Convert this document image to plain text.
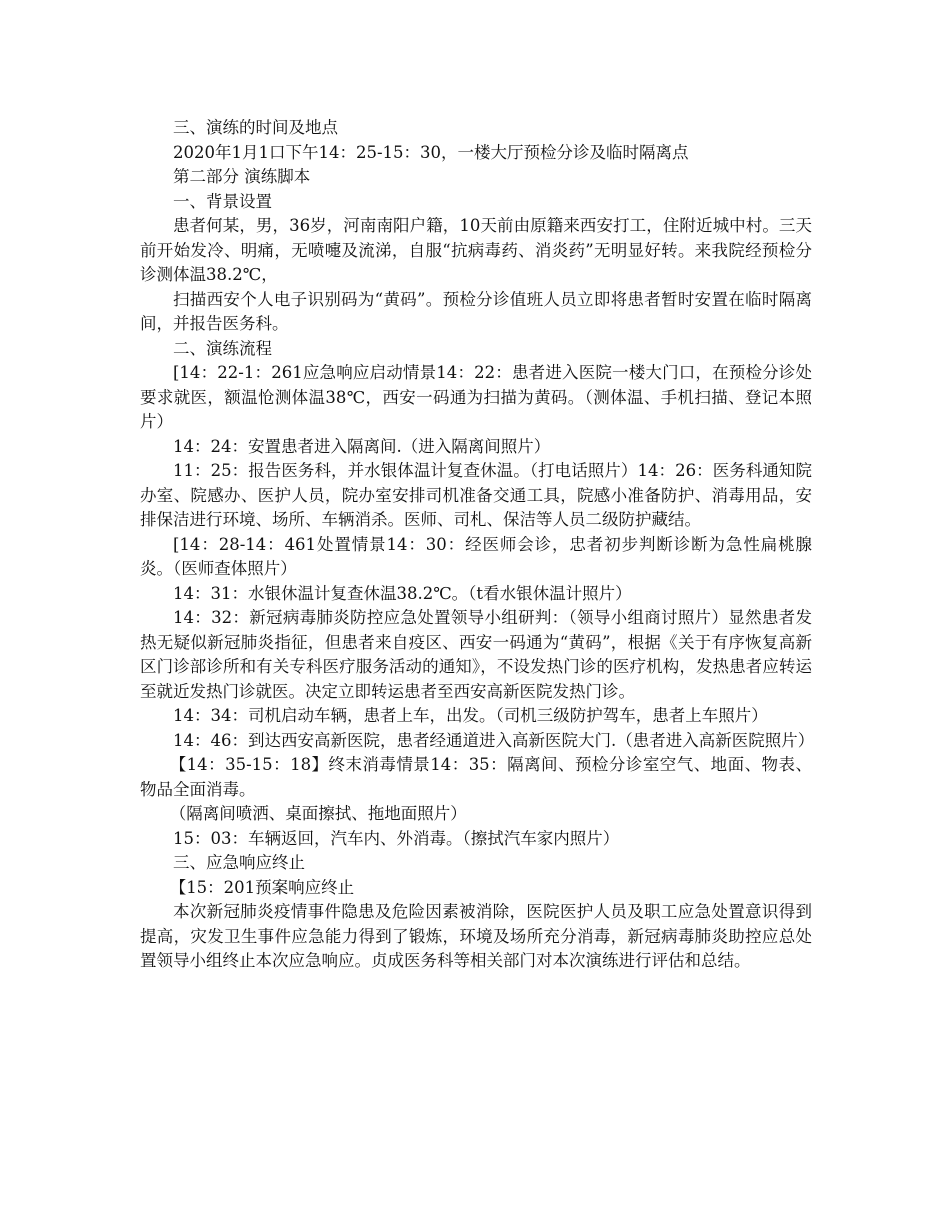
三、演练的时间及地点

2020年1月1口下午14：25-15：30，一楼大厅预检分诊及临时隔离点

第二部分 演练脚本

一、背景设置

患者何某，男，36岁，河南南阳户籍，10天前由原籍来西安打工，住附近城中村。三天前开始发冷、明痛，无喷嚏及流涕，自服“抗病毒药、消炎药”无明显好转。来我院经预检分诊测体温38.2℃，

扫描西安个人电子识别码为“黄码”。预检分诊值班人员立即将患者暂时安置在临时隔离间，并报告医务科。

二、演练流程

[14：22-1：261应急响应启动情景14：22：患者进入医院一楼大门口，在预检分诊处要求就医，额温怆测体温38℃，西安一码通为扫描为黄码。（测体温、手机扫描、登记本照片）

14：24：安置患者进入隔离间.（进入隔离间照片）

11：25：报告医务科，并水银体温计复查休温。（打电话照片）14：26：医务科通知院办室、院感办、医护人员，院办室安排司机准备交通工具，院感小准备防护、消毒用品，安排保洁进行环境、场所、车辆消杀。医师、司札、保洁等人员二级防护藏结。

[14：28-14：461处置情景14：30：经医师会诊，忠者初步判断诊断为急性扁桃腺炎。（医师查体照片）

14：31：水银休温计复查休温38.2℃。（t看水银休温计照片）

14：32：新冠病毒肺炎防控应急处置领导小组研判：（领导小组商讨照片）显然患者发热无疑似新冠肺炎指征，但患者来自疫区、西安一码通为“黄码”，根据《关于有序恢复高新区门诊部诊所和有关专科医疗服务活动的通知》，不设发热门诊的医疗机构，发热患者应转运至就近发热门诊就医。决定立即转运患者至西安高新医院发热门诊。

14：34：司机启动车辆，患者上车，出发。（司机三级防护驾车，患者上车照片）

14：46：到达西安高新医院，患者经通道进入高新医院大门.（患者进入高新医院照片）

【14：35-15：18】终末消毒情景14：35：隔离间、预检分诊室空气、地面、物表、物品全面消毒。

（隔离间喷洒、桌面擦拭、拖地面照片）

15：03：车辆返回，汽车内、外消毒。（擦拭汽车家内照片）

三、应急响应终止

【15：201预案响应终止

本次新冠肺炎疫情事件隐患及危险因素被消除，医院医护人员及职工应急处置意识得到提高，灾发卫生事件应急能力得到了锻炼，环境及场所充分消毒，新冠病毒肺炎助控应总处置领导小组终止本次应急响应。贞成医务科等相关部门对本次演练进行评估和总结。
